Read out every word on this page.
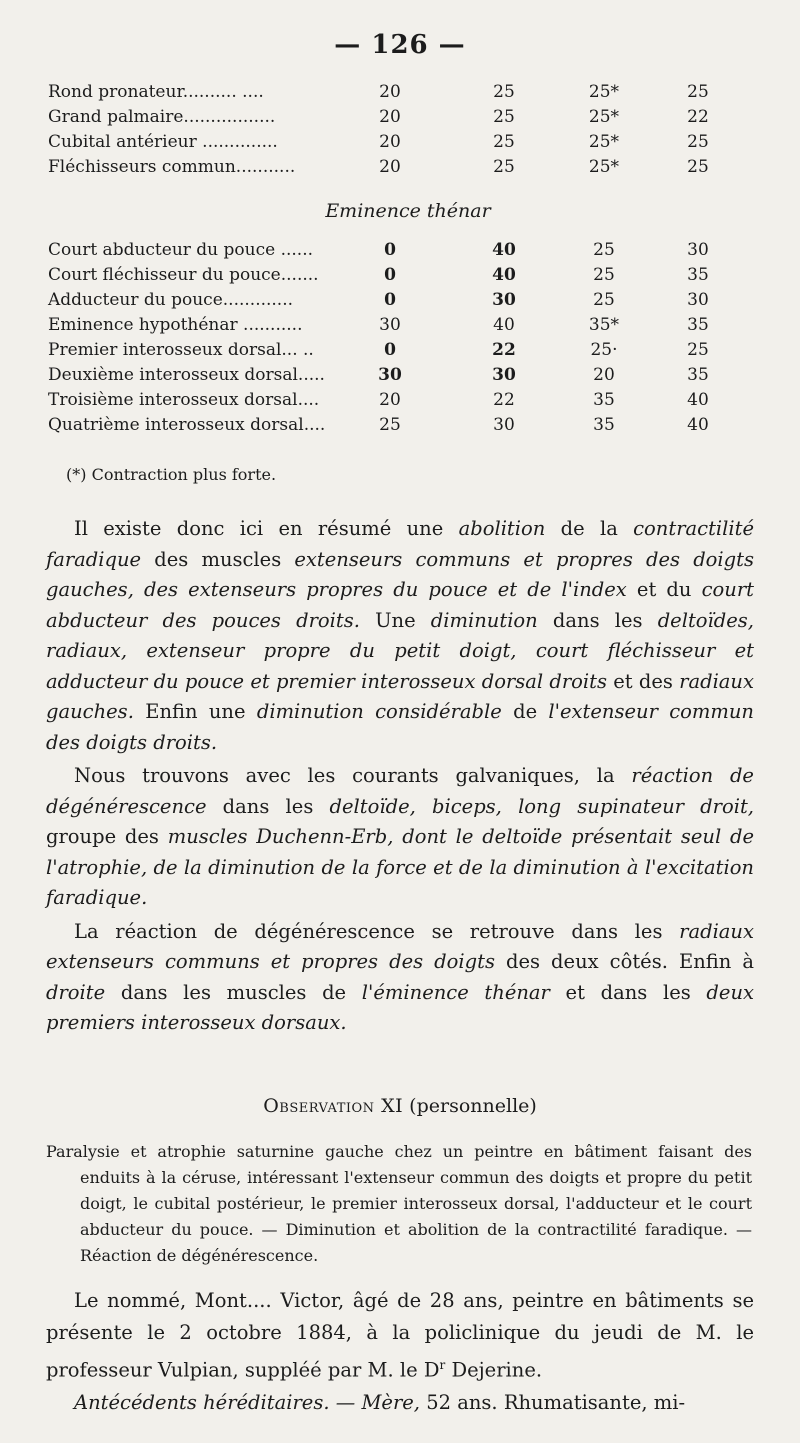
— 126 —
Rond pronateur.......... ....	20	25	25*	25
Grand palmaire.................	20	25	25*	22
Cubital antérieur ..............	20	25	25*	25
Fléchisseurs commun...........	20	25	25*	25
Eminence thénar
Court abducteur du pouce ......	0	40	25	30
Court fléchisseur du pouce.......	0	40	25	35
Adducteur du pouce.............	0	30	25	30
Eminence hypothénar ...........	30	40	35*	35
Premier interosseux dorsal... ..	0	22	25·	25
Deuxième interosseux dorsal.....	30	30	20	35
Troisième interosseux dorsal....	20	22	35	40
Quatrième interosseux dorsal....	25	30	35	40
(*) Contraction plus forte.

Il existe donc ici en résumé une abolition de la contractilité faradique des muscles extenseurs communs et propres des doigts gauches, des extenseurs propres du pouce et de l'index et du court abducteur des pouces droits. Une diminution dans les deltoïdes, radiaux, extenseur propre du petit doigt, court fléchisseur et adducteur du pouce et premier interosseux dorsal droits et des radiaux gauches. Enfin une diminution considérable de l'extenseur commun des doigts droits.

Nous trouvons avec les courants galvaniques, la réaction de dégénérescence dans les deltoïde, biceps, long supinateur droit, groupe des muscles Duchenn-Erb, dont le deltoïde présentait seul de l'atrophie, de la diminution de la force et de la diminution à l'excitation faradique.

La réaction de dégénérescence se retrouve dans les radiaux extenseurs communs et propres des doigts des deux côtés. Enfin à droite dans les muscles de l'éminence thénar et dans les deux premiers interosseux dorsaux.

Observation XI (personnelle)
Paralysie et atrophie saturnine gauche chez un peintre en bâtiment faisant des enduits à la céruse, intéressant l'extenseur commun des doigts et propre du petit doigt, le cubital postérieur, le premier interosseux dorsal, l'adducteur et le court abducteur du pouce. — Diminution et abolition de la contractilité faradique. — Réaction de dégénérescence.

Le nommé, Mont.... Victor, âgé de 28 ans, peintre en bâtiments se présente le 2 octobre 1884, à la policlinique du jeudi de M. le professeur Vulpian, suppléé par M. le $D^r$ Dejerine.

Antécédents héréditaires. — Mère, 52 ans. Rhumatisante, mi-
